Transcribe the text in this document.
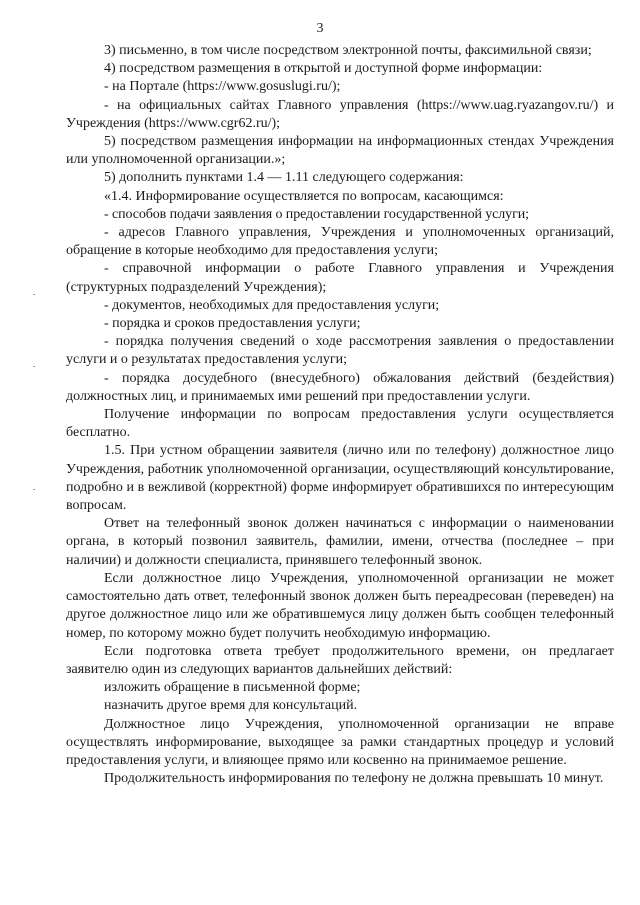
3

3) письменно, в том числе посредством электронной почты, факсимильной связи;

4) посредством размещения в открытой и доступной форме информации:

- на Портале (https://www.gosuslugi.ru/);

- на официальных сайтах Главного управления (https://www.uag.ryazangov.ru/) и Учреждения (https://www.cgr62.ru/);

5) посредством размещения информации на информационных стендах Учреждения или уполномоченной организации.»;

5) дополнить пунктами 1.4 — 1.11 следующего содержания:

«1.4. Информирование осуществляется по вопросам, касающимся:

- способов подачи заявления о предоставлении государственной услуги;

- адресов Главного управления, Учреждения и уполномоченных организаций, обращение в которые необходимо для предоставления услуги;

- справочной информации о работе Главного управления и Учреждения (структурных подразделений Учреждения);

- документов, необходимых для предоставления услуги;

- порядка и сроков предоставления услуги;

- порядка получения сведений о ходе рассмотрения заявления о предоставлении услуги и о результатах предоставления услуги;

- порядка досудебного (внесудебного) обжалования действий (бездействия) должностных лиц, и принимаемых ими решений при предоставлении услуги.

Получение информации по вопросам предоставления услуги осуществляется бесплатно.

1.5. При устном обращении заявителя (лично или по телефону) должностное лицо Учреждения, работник уполномоченной организации, осуществляющий консультирование, подробно и в вежливой (корректной) форме информирует обратившихся по интересующим вопросам.

Ответ на телефонный звонок должен начинаться с информации о наименовании органа, в который позвонил заявитель, фамилии, имени, отчества (последнее – при наличии) и должности специалиста, принявшего телефонный звонок.

Если должностное лицо Учреждения, уполномоченной организации не может самостоятельно дать ответ, телефонный звонок должен быть переадресован (переведен) на другое должностное лицо или же обратившемуся лицу должен быть сообщен телефонный номер, по которому можно будет получить необходимую информацию.

Если подготовка ответа требует продолжительного времени, он предлагает заявителю один из следующих вариантов дальнейших действий:

изложить обращение в письменной форме;

назначить другое время для консультаций.

Должностное лицо Учреждения, уполномоченной организации не вправе осуществлять информирование, выходящее за рамки стандартных процедур и условий предоставления услуги, и влияющее прямо или косвенно на принимаемое решение.

Продолжительность информирования по телефону не должна превышать 10 минут.
